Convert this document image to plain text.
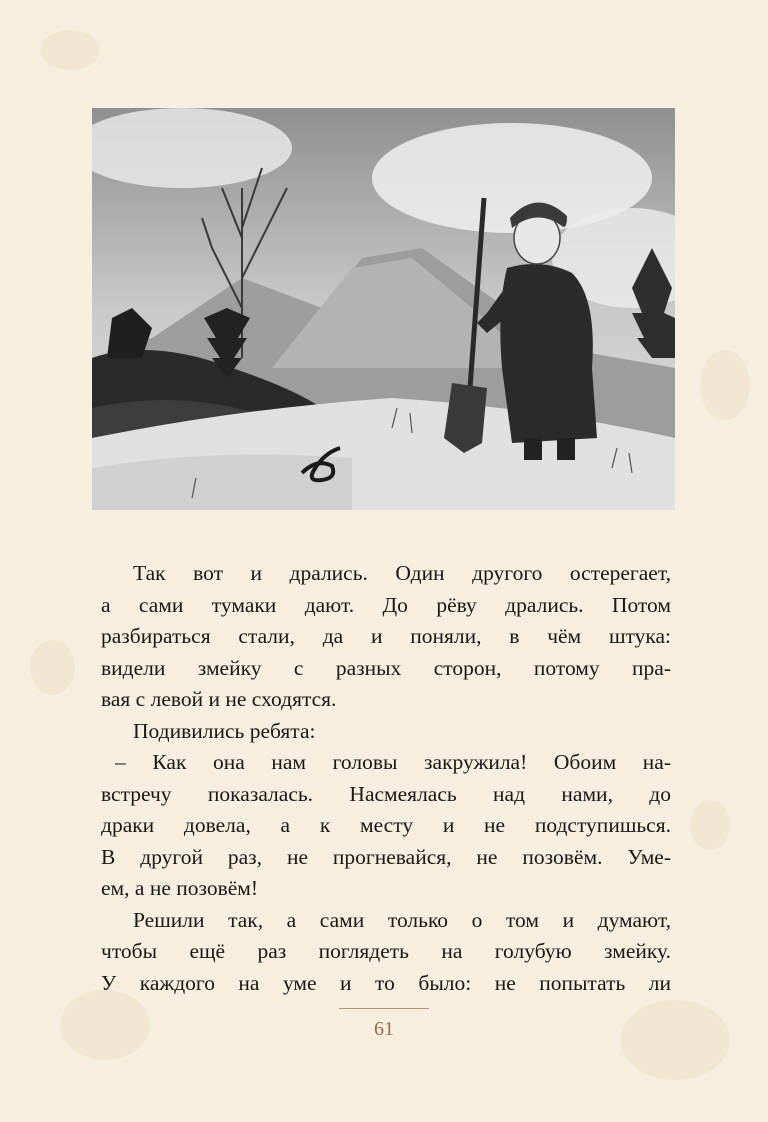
Так вот и дрались. Один другого остерегает,
а сами тумаки дают. До рёву дрались. Потом
разбираться стали, да и поняли, в чём штука:
видели змейку с разных сторон, потому пра-
вая с левой и не сходятся.
Подивились ребята:
– Как она нам головы закружила! Обоим на-
встречу показалась. Насмеялась над нами, до
драки довела, а к месту и не подступишься.
В другой раз, не прогневайся, не позовём. Уме-
ем, а не позовём!
Решили так, а сами только о том и думают,
чтобы ещё раз поглядеть на голубую змейку.
У каждого на уме и то было: не попытать ли
61
